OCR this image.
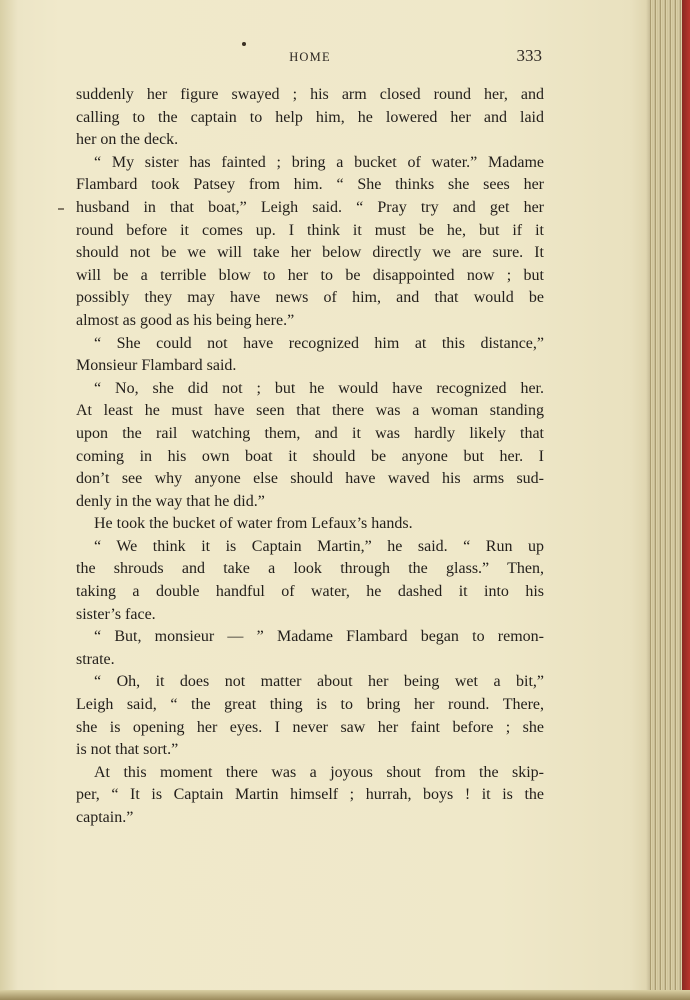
HOME	333
suddenly her figure swayed ; his arm closed round her, and
calling to the captain to help him, he lowered her and laid
her on the deck.
“ My sister has fainted ; bring a bucket of water.” Madame
Flambard took Patsey from him. “ She thinks she sees her
husband in that boat,” Leigh said. “ Pray try and get her
round before it comes up. I think it must be he, but if it
should not be we will take her below directly we are sure. It
will be a terrible blow to her to be disappointed now ; but
possibly they may have news of him, and that would be
almost as good as his being here.”
“ She could not have recognized him at this distance,”
Monsieur Flambard said.
“ No, she did not ; but he would have recognized her.
At least he must have seen that there was a woman standing
upon the rail watching them, and it was hardly likely that
coming in his own boat it should be anyone but her. I
don’t see why anyone else should have waved his arms sud-
denly in the way that he did.”
He took the bucket of water from Lefaux’s hands.
“ We think it is Captain Martin,” he said. “ Run up
the shrouds and take a look through the glass.” Then,
taking a double handful of water, he dashed it into his
sister’s face.
“ But, monsieur — ” Madame Flambard began to remon-
strate.
“ Oh, it does not matter about her being wet a bit,”
Leigh said, “ the great thing is to bring her round. There,
she is opening her eyes. I never saw her faint before ; she
is not that sort.”
At this moment there was a joyous shout from the skip-
per, “ It is Captain Martin himself ; hurrah, boys ! it is the
captain.”
